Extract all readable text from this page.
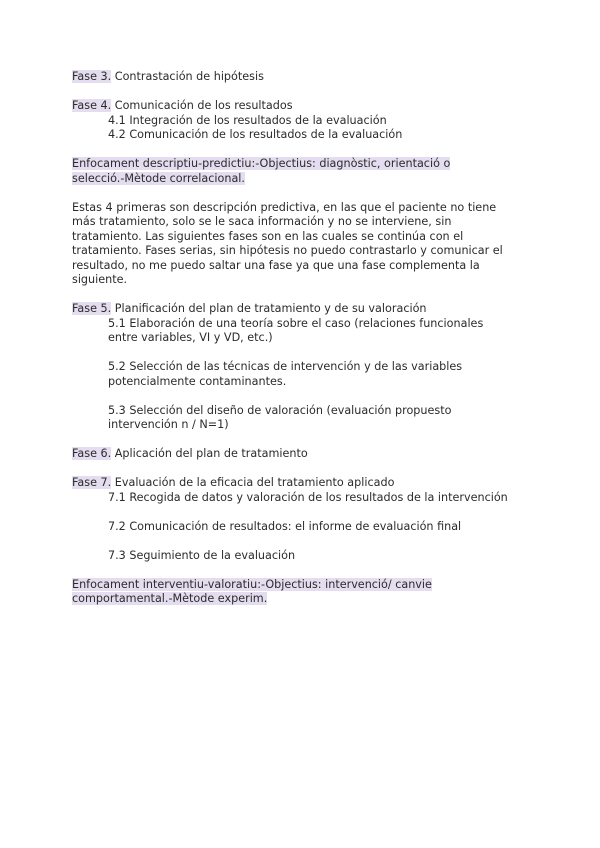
Fase 3. Contrastación de hipótesis
Fase 4. Comunicación de los resultados
4.1 Integración de los resultados de la evaluación
4.2 Comunicación de los resultados de la evaluación
Enfocament descriptiu-predictiu:-Objectius: diagnòstic, orientació o
selecció.-Mètode correlacional.
Estas 4 primeras son descripción predictiva, en las que el paciente no tiene
más tratamiento, solo se le saca información y no se interviene, sin
tratamiento. Las siguientes fases son en las cuales se continúa con el
tratamiento. Fases serias, sin hipótesis no puedo contrastarlo y comunicar el
resultado, no me puedo saltar una fase ya que una fase complementa la
siguiente.
Fase 5. Planificación del plan de tratamiento y de su valoración
5.1 Elaboración de una teoría sobre el caso (relaciones funcionales
entre variables, VI y VD, etc.)
5.2 Selección de las técnicas de intervención y de las variables
potencialmente contaminantes.
5.3 Selección del diseño de valoración (evaluación propuesto
intervención n / N=1)
Fase 6. Aplicación del plan de tratamiento
Fase 7. Evaluación de la eficacia del tratamiento aplicado
7.1 Recogida de datos y valoración de los resultados de la intervención
7.2 Comunicación de resultados: el informe de evaluación final
7.3 Seguimiento de la evaluación
Enfocament interventiu-valoratiu:-Objectius: intervenció/ canvie
comportamental.-Mètode experim.
